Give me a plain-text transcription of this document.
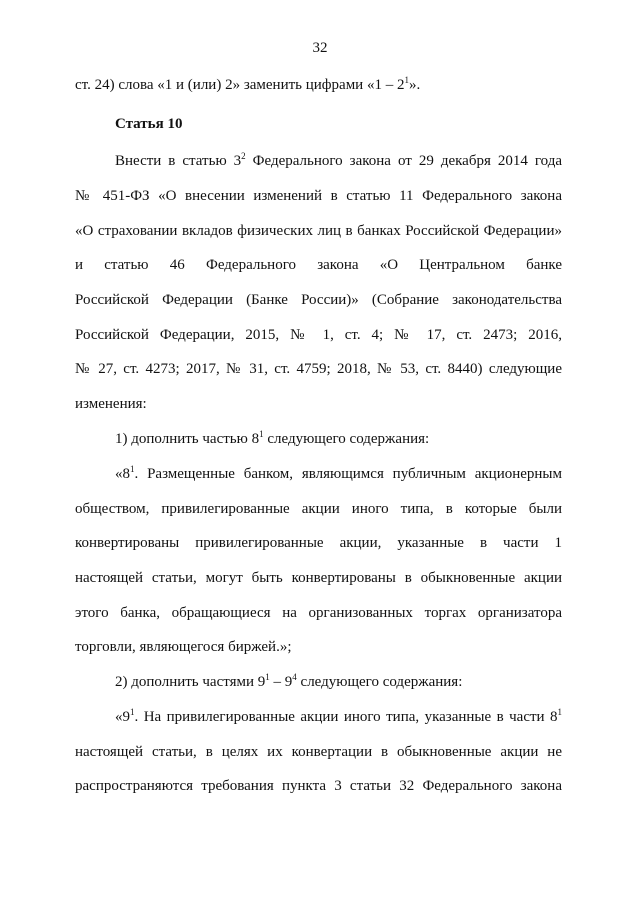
32
ст. 24) слова «1 и (или) 2» заменить цифрами «$1 - 2^1$».
Статья 10
Внести в статью $3^2$ Федерального закона от 29 декабря 2014 года
№ 451-ФЗ «О внесении изменений в статью 11 Федерального закона
«О страховании вкладов физических лиц в банках Российской Федерации»
и статью 46 Федерального закона «О Центральном банке
Российской Федерации (Банке России)» (Собрание законодательства
Российской Федерации, 2015, № 1, ст. 4; № 17, ст. 2473; 2016,
№ 27, ст. 4273; 2017, № 31, ст. 4759; 2018, № 53, ст. 8440) следующие
изменения:
1) дополнить частью $8^1$ следующего содержания:
«$8^1$. Размещенные банком, являющимся публичным акционерным
обществом, привилегированные акции иного типа, в которые были
конвертированы привилегированные акции, указанные в части 1
настоящей статьи, могут быть конвертированы в обыкновенные акции
этого банка, обращающиеся на организованных торгах организатора
торговли, являющегося биржей.»;
2) дополнить частями $9^1 - 9^4$ следующего содержания:
«$9^1$. На привилегированные акции иного типа, указанные в части $8^1$
настоящей статьи, в целях их конвертации в обыкновенные акции не
распространяются требования пункта 3 статьи 32 Федерального закона
